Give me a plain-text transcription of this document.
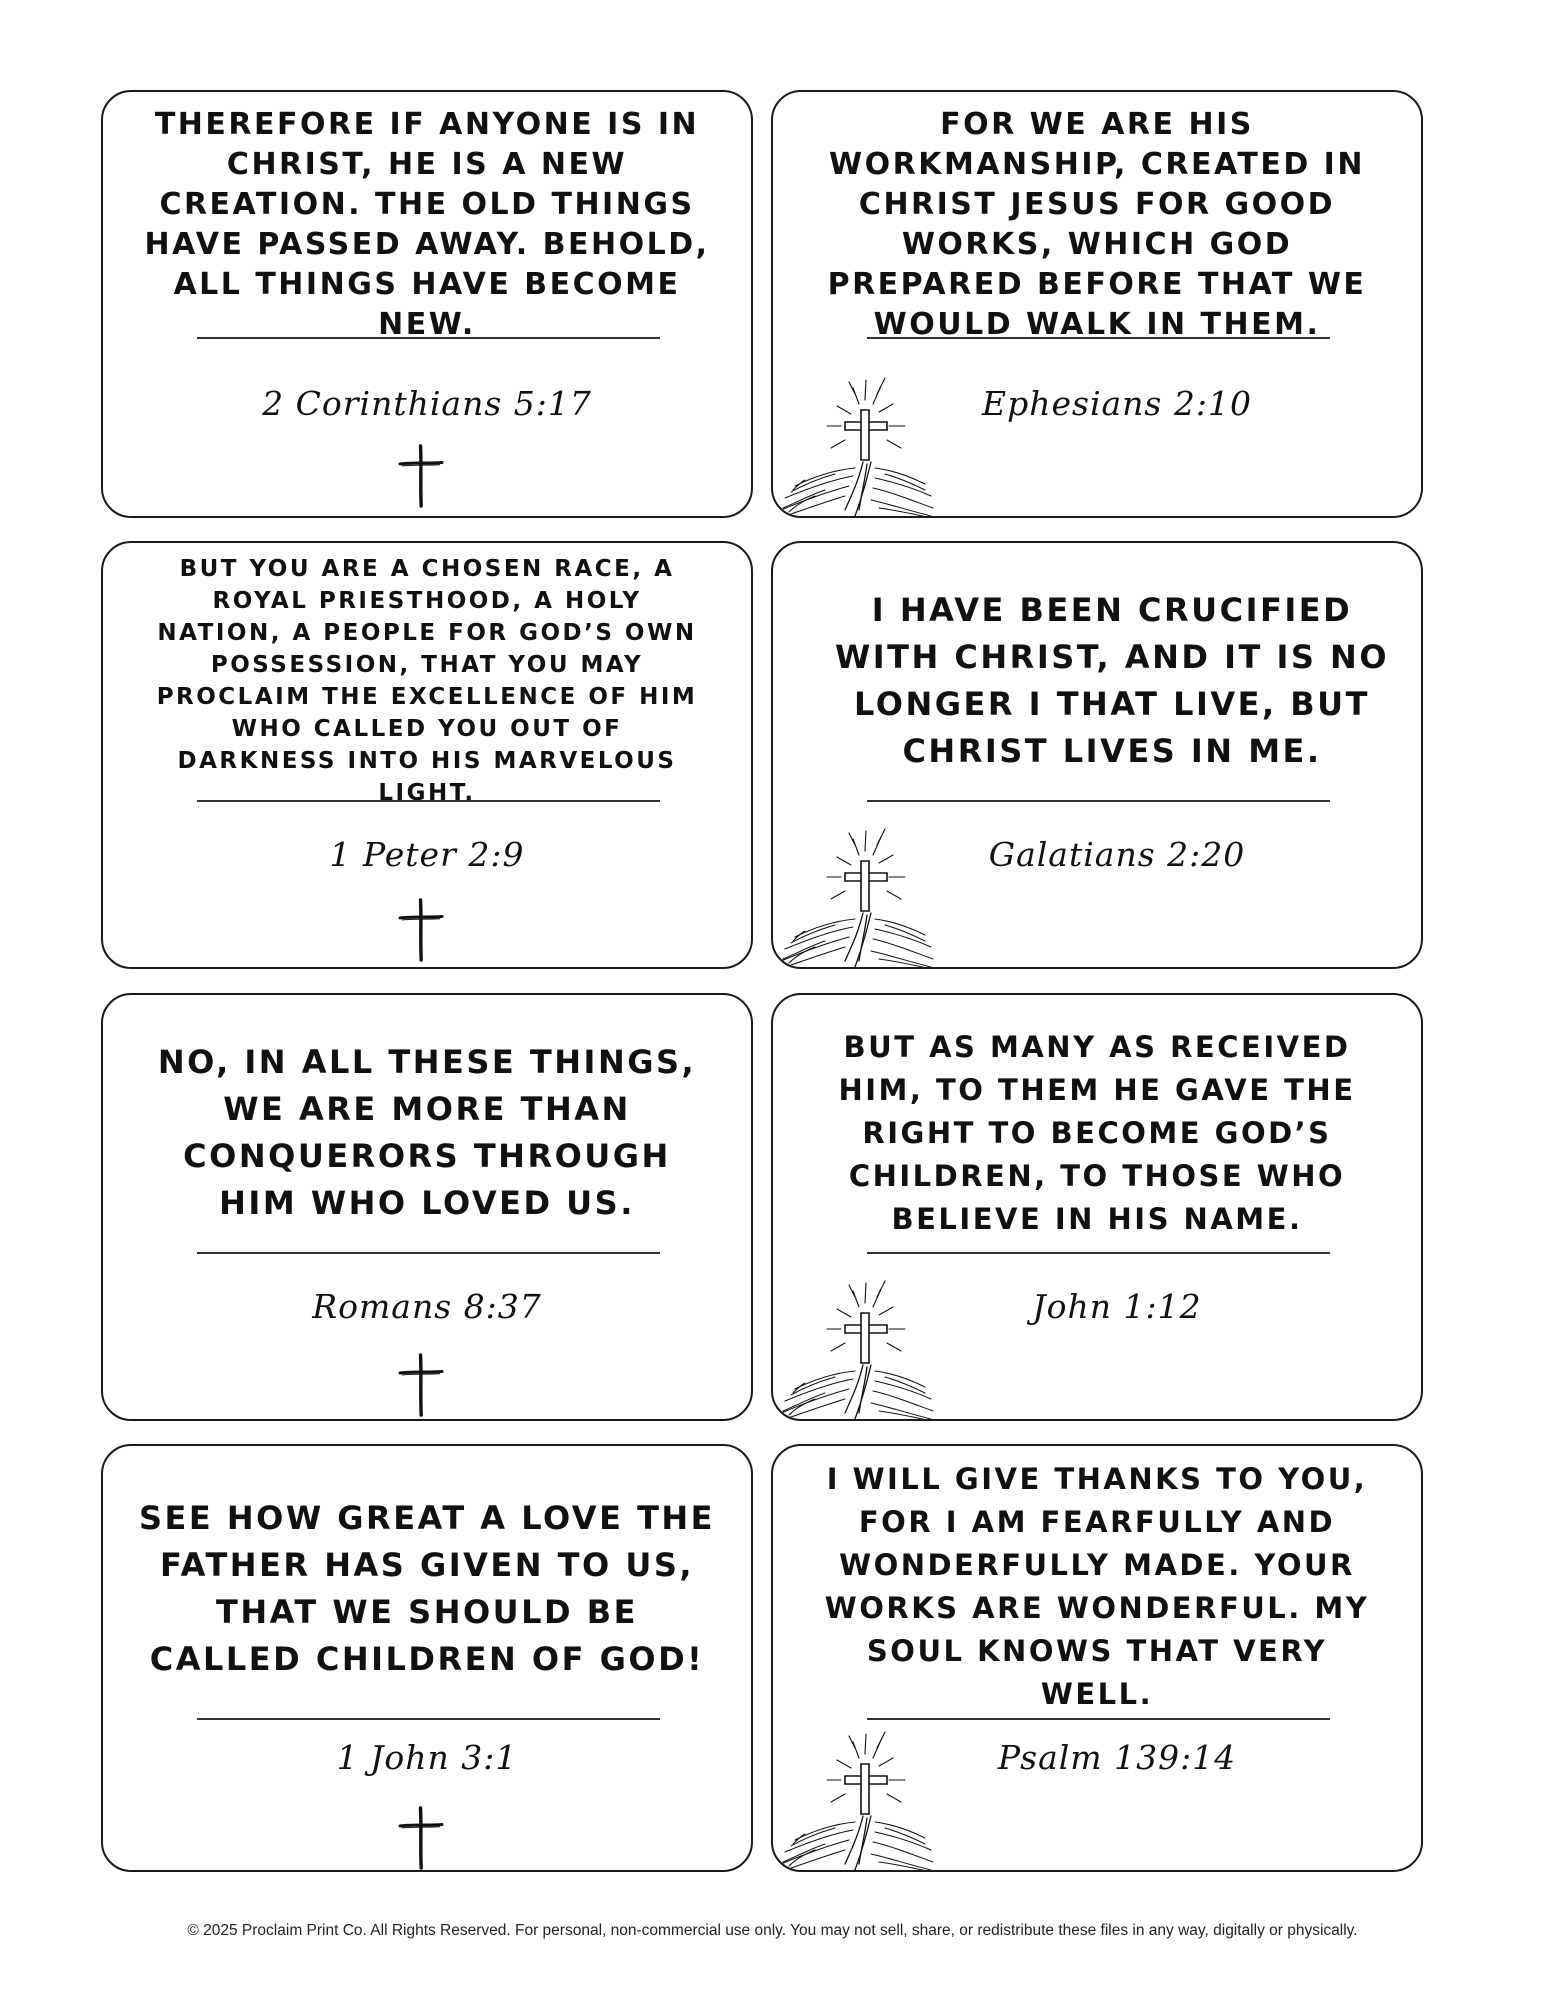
THEREFORE IF ANYONE IS IN CHRIST, HE IS A NEW CREATION. THE OLD THINGS HAVE PASSED AWAY. BEHOLD, ALL THINGS HAVE BECOME NEW.

2 Corinthians 5:17

FOR WE ARE HIS WORKMANSHIP, CREATED IN CHRIST JESUS FOR GOOD WORKS, WHICH GOD PREPARED BEFORE THAT WE WOULD WALK IN THEM.

Ephesians 2:10

BUT YOU ARE A CHOSEN RACE, A ROYAL PRIESTHOOD, A HOLY NATION, A PEOPLE FOR GOD’S OWN POSSESSION, THAT YOU MAY PROCLAIM THE EXCELLENCE OF HIM WHO CALLED YOU OUT OF DARKNESS INTO HIS MARVELOUS LIGHT.

1 Peter 2:9

I HAVE BEEN CRUCIFIED WITH CHRIST, AND IT IS NO LONGER I THAT LIVE, BUT CHRIST LIVES IN ME.

Galatians 2:20

NO, IN ALL THESE THINGS, WE ARE MORE THAN CONQUERORS THROUGH HIM WHO LOVED US.

Romans 8:37

BUT AS MANY AS RECEIVED HIM, TO THEM HE GAVE THE RIGHT TO BECOME GOD’S CHILDREN, TO THOSE WHO BELIEVE IN HIS NAME.

John 1:12

SEE HOW GREAT A LOVE THE FATHER HAS GIVEN TO US, THAT WE SHOULD BE CALLED CHILDREN OF GOD!

1 John 3:1

I WILL GIVE THANKS TO YOU, FOR I AM FEARFULLY AND WONDERFULLY MADE. YOUR WORKS ARE WONDERFUL. MY SOUL KNOWS THAT VERY WELL.

Psalm 139:14
© 2025 Proclaim Print Co. All Rights Reserved. For personal, non-commercial use only. You may not sell, share, or redistribute these files in any way, digitally or physically.
